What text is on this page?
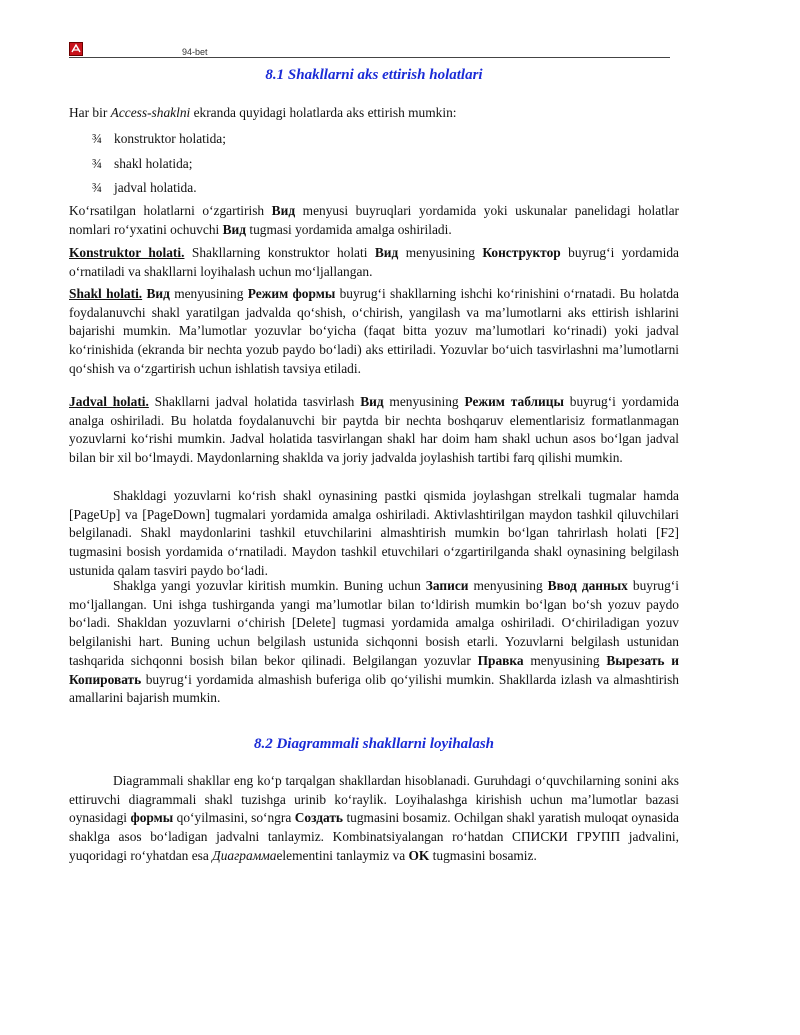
94-bet
8.1 Shakllarni aks ettirish holatlari

Har bir Access-shaklni ekranda quyidagi holatlarda aks ettirish mumkin:

¾ konstruktor holatida;
¾ shakl holatida;
¾ jadval holatida.

Ko‘rsatilgan holatlarni o‘zgartirish Вид menyusi buyruqlari yordamida yoki uskunalar panelidagi holatlar nomlari ro‘yxatini ochuvchi Вид tugmasi yordamida amalga oshiriladi.

Konstruktor holati. Shakllarning konstruktor holati Вид menyusining Конструктор buyrug‘i yordamida o‘rnatiladi va shakllarni loyihalash uchun mo‘ljallangan.

Shakl holati. Вид menyusining Режим формы buyrug‘i shakllarning ishchi ko‘rinishini o‘rnatadi. Bu holatda foydalanuvchi shakl yaratilgan jadvalda qo‘shish, o‘chirish, yangilash va ma’lumotlarni aks ettirish ishlarini bajarishi mumkin. Ma’lumotlar yozuvlar bo‘yicha (faqat bitta yozuv ma’lumotlari ko‘rinadi) yoki jadval ko‘rinishida (ekranda bir nechta yozub paydo bo‘ladi) aks ettiriladi. Yozuvlar bo‘uich tasvirlashni ma’lumotlarni qo‘shish va o‘zgartirish uchun ishlatish tavsiya etiladi.

Jadval holati. Shakllarni jadval holatida tasvirlash Вид menyusining Режим таблицы buyrug‘i yordamida analga oshiriladi. Bu holatda foydalanuvchi bir paytda bir nechta boshqaruv elementlarisiz formatlanmagan yozuvlarni ko‘rishi mumkin. Jadval holatida tasvirlangan shakl har doim ham shakl uchun asos bo‘lgan jadval bilan bir xil bo‘lmaydi. Maydonlarning shaklda va joriy jadvalda joylashish tartibi farq qilishi mumkin.

Shakldagi yozuvlarni ko‘rish shakl oynasining pastki qismida joylashgan strelkali tugmalar hamda [PageUp] va [PageDown] tugmalari yordamida amalga oshiriladi. Aktivlashtirilgan maydon tashkil qiluvchilari belgilanadi. Shakl maydonlarini tashkil etuvchilarini almashtirish mumkin bo‘lgan tahrirlash holati [F2] tugmasini bosish yordamida o‘rnatiladi. Maydon tashkil etuvchilari o‘zgartirilganda shakl oynasining belgilash ustunida qalam tasviri paydo bo‘ladi.

Shaklga yangi yozuvlar kiritish mumkin. Buning uchun Записи menyusining Ввод данных buyrug‘i mo‘ljallangan. Uni ishga tushirganda yangi ma’lumotlar bilan to‘ldirish mumkin bo‘lgan bo‘sh yozuv paydo bo‘ladi. Shakldan yozuvlarni o‘chirish [Delete] tugmasi yordamida amalga oshiriladi. O‘chiriladigan yozuv belgilanishi hart. Buning uchun belgilash ustunida sichqonni bosish etarli. Yozuvlarni belgilash ustunidan tashqarida sichqonni bosish bilan bekor qilinadi. Belgilangan yozuvlar Правка menyusining Вырезать и Копировать buyrug‘i yordamida almashish buferiga olib qo‘yilishi mumkin. Shakllarda izlash va almashtirish amallarini bajarish mumkin.

8.2 Diagrammali shakllarni loyihalash

Diagrammali shakllar eng ko‘p tarqalgan shakllardan hisoblanadi. Guruhdagi o‘quvchilarning sonini aks ettiruvchi diagrammali shakl tuzishga urinib ko‘raylik. Loyihalashga kirishish uchun ma’lumotlar bazasi oynasidagi формы qo‘yilmasini, so‘ngra Создать tugmasini bosamiz. Ochilgan shakl yaratish muloqat oynasida shaklga asos bo‘ladigan jadvalni tanlaymiz. Kombinatsiyalangan ro‘hatdan СПИСКИ ГРУПП jadvalini, yuqoridagi ro‘yhatdan esa Диаграммаelementini tanlaymiz va OK tugmasini bosamiz.
